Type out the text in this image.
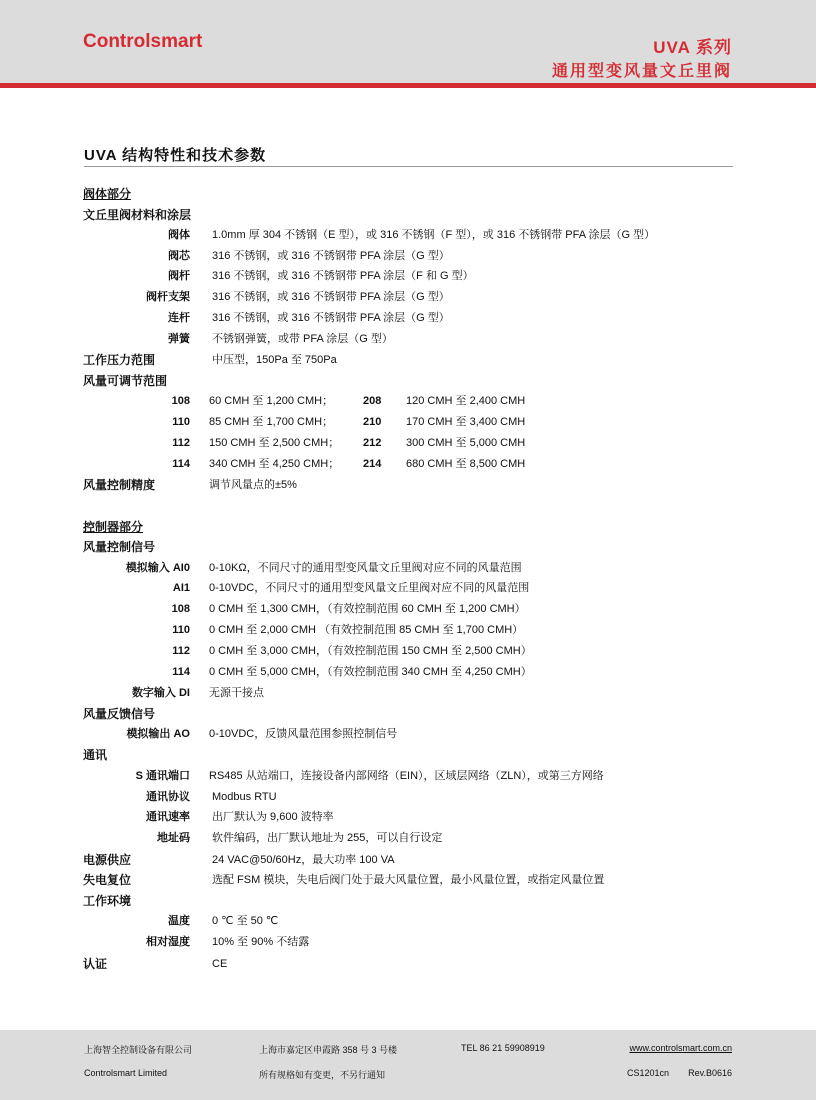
Controlsmart	UVA 系列
通用型变风量文丘里阀
UVA 结构特性和技术参数
阀体部分
文丘里阀材料和涂层
阀体 1.0mm 厚 304 不锈钢（E 型），或 316 不锈钢（F 型），或 316 不锈钢带 PFA 涂层（G 型）
阀芯 316 不锈钢，或 316 不锈钢带 PFA 涂层（G 型）
阀杆 316 不锈钢，或 316 不锈钢带 PFA 涂层（F 和 G 型）
阀杆支架 316 不锈钢，或 316 不锈钢带 PFA 涂层（G 型）
连杆 316 不锈钢，或 316 不锈钢带 PFA 涂层（G 型）
弹簧 不锈钢弹簧，或带 PFA 涂层（G 型）
工作压力范围	中压型，150Pa 至 750Pa
风量可调节范围
108 60 CMH 至 1,200 CMH；	208 120 CMH 至 2,400 CMH
110 85 CMH 至 1,700 CMH；	210 170 CMH 至 3,400 CMH
112 150 CMH 至 2,500 CMH； 212 300 CMH 至 5,000 CMH
114 340 CMH 至 4,250 CMH； 214 680 CMH 至 8,500 CMH
风量控制精度	调节风量点的±5%
控制器部分
风量控制信号
模拟输入 AI0 0-10KΩ，不同尺寸的通用型变风量文丘里阀对应不同的风量范围
AI1 0-10VDC，不同尺寸的通用型变风量文丘里阀对应不同的风量范围
108 0 CMH 至 1,300 CMH，（有效控制范围 60 CMH 至 1,200 CMH）
110 0 CMH 至 2,000 CMH （有效控制范围 85 CMH 至 1,700 CMH）
112 0 CMH 至 3,000 CMH，（有效控制范围 150 CMH 至 2,500 CMH）
114 0 CMH 至 5,000 CMH，（有效控制范围 340 CMH 至 4,250 CMH）
数字输入 DI 无源干接点
风量反馈信号
模拟输出 AO 0-10VDC，反馈风量范围参照控制信号
通讯
S 通讯端口 RS485 从站端口，连接设备内部网络（EIN），区域层网络（ZLN），或第三方网络
通讯协议 Modbus RTU
通讯速率 出厂默认为 9,600 波特率
地址码 软件编码，出厂默认地址为 255，可以自行设定
电源供应	24 VAC@50/60Hz，最大功率 100 VA
失电复位	选配 FSM 模块，失电后阀门处于最大风量位置，最小风量位置，或指定风量位置
工作环境
温度 0 ℃ 至 50 ℃
相对湿度 10% 至 90% 不结露
认证	CE
上海智全控制设备有限公司	上海市嘉定区申霞路 358 号 3 号楼	TEL 86 21 59908919	www.controlsmart.com.cn
Controlsmart Limited	所有规格如有变更，不另行通知	CS1201cn Rev.B0616
